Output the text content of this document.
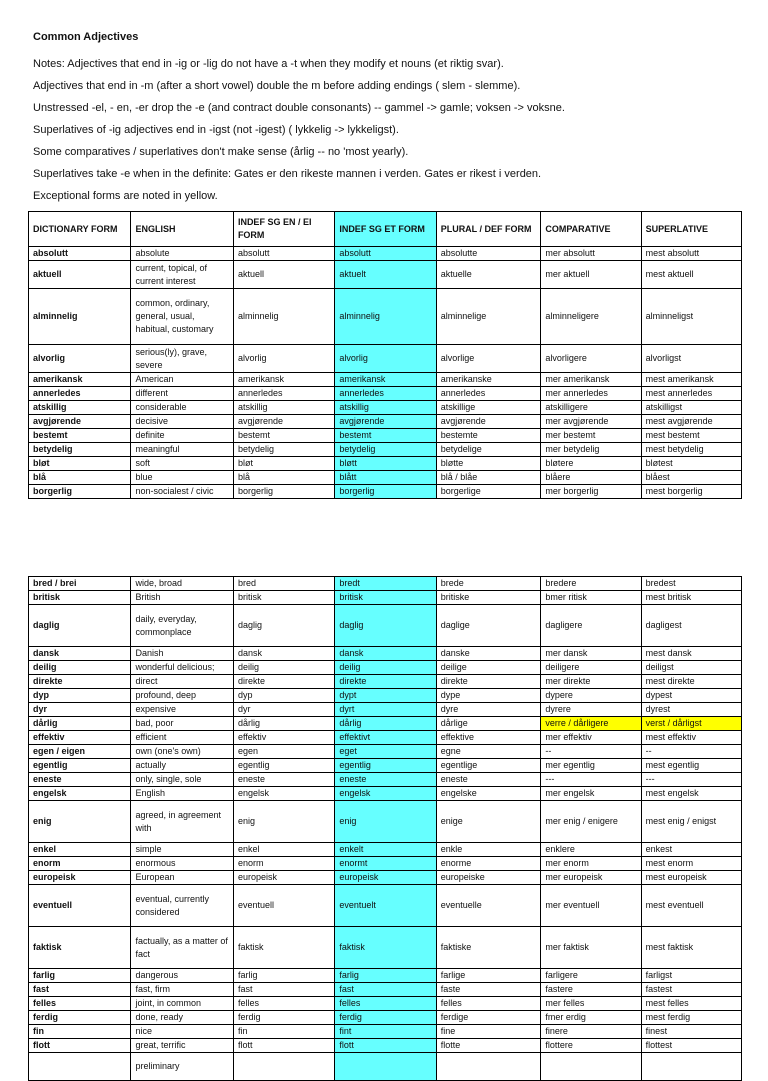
Common Adjectives
Notes: Adjectives that end in -ig or -lig do not have a -t when they modify et nouns (et riktig svar).
Adjectives that end in -m (after a short vowel) double the m before adding endings ( slem - slemme).
Unstressed -el, - en, -er drop the -e (and contract double consonants) -- gammel -> gamle; voksen -> voksne.
Superlatives of -ig adjectives end in -igst (not -igest) ( lykkelig -> lykkeligst).
Some comparatives / superlatives don't make sense (årlig -- no 'most yearly).
Superlatives take -e when in the definite: Gates er den rikeste mannen i verden. Gates er rikest i verden.
Exceptional forms are noted in yellow.
DICTIONARY FORM	ENGLISH	INDEF SG EN / EI FORM	INDEF SG ET FORM	PLURAL / DEF FORM	COMPARATIVE	SUPERLATIVE
absolutt	absolute	absolutt	absolutt	absolutte	mer absolutt	mest absolutt
aktuell	current, topical, of current interest	aktuell	aktuelt	aktuelle	mer aktuell	mest aktuell
alminnelig	common, ordinary, general, usual, habitual, customary	alminnelig	alminnelig	alminnelige	alminneligere	alminneligst
alvorlig	serious(ly), grave, severe	alvorlig	alvorlig	alvorlige	alvorligere	alvorligst
amerikansk	American	amerikansk	amerikansk	amerikanske	mer amerikansk	mest amerikansk
annerledes	different	annerledes	annerledes	annerledes	mer annerledes	mest annerledes
atskillig	considerable	atskillig	atskillig	atskillige	atskilligere	atskilligst
avgjørende	decisive	avgjørende	avgjørende	avgjørende	mer avgjørende	mest avgjørende
bestemt	definite	bestemt	bestemt	bestemte	mer bestemt	mest bestemt
betydelig	meaningful	betydelig	betydelig	betydelige	mer betydelig	mest betydelig
bløt	soft	bløt	bløtt	bløtte	bløtere	bløtest
blå	blue	blå	blått	blå / blåe	blåere	blåest
borgerlig	non-socialest / civic	borgerlig	borgerlig	borgerlige	mer borgerlig	mest borgerlig
bred / brei	wide, broad	bred	bredt	brede	bredere	bredest
britisk	British	britisk	britisk	britiske	bmer ritisk	mest britisk
daglig	daily, everyday, commonplace	daglig	daglig	daglige	dagligere	dagligest
dansk	Danish	dansk	dansk	danske	mer dansk	mest dansk
deilig	wonderful delicious;	deilig	deilig	deilige	deiligere	deiligst
direkte	direct	direkte	direkte	direkte	mer direkte	mest direkte
dyp	profound, deep	dyp	dypt	dype	dypere	dypest
dyr	expensive	dyr	dyrt	dyre	dyrere	dyrest
dårlig	bad, poor	dårlig	dårlig	dårlige	verre / dårligere	verst / dårligst
effektiv	efficient	effektiv	effektivt	effektive	mer effektiv	mest effektiv
egen / eigen	own (one's own)	egen	eget	egne	--	--
egentlig	actually	egentlig	egentlig	egentlige	mer egentlig	mest egentlig
eneste	only, single, sole	eneste	eneste	eneste	---	---
engelsk	English	engelsk	engelsk	engelske	mer engelsk	mest engelsk
enig	agreed, in agreement with	enig	enig	enige	mer enig / enigere	mest enig / enigst
enkel	simple	enkel	enkelt	enkle	enklere	enkest
enorm	enormous	enorm	enormt	enorme	mer enorm	mest enorm
europeisk	European	europeisk	europeisk	europeiske	mer europeisk	mest europeisk
eventuell	eventual, currently considered	eventuell	eventuelt	eventuelle	mer eventuell	mest eventuell
faktisk	factually, as a matter of fact	faktisk	faktisk	faktiske	mer faktisk	mest faktisk
farlig	dangerous	farlig	farlig	farlige	farligere	farligst
fast	fast, firm	fast	fast	faste	fastere	fastest
felles	joint, in common	felles	felles	felles	mer felles	mest felles
ferdig	done, ready	ferdig	ferdig	ferdige	fmer erdig	mest ferdig
fin	nice	fin	fint	fine	finere	finest
flott	great, terrific	flott	flott	flotte	flottere	flottest
	preliminary					
